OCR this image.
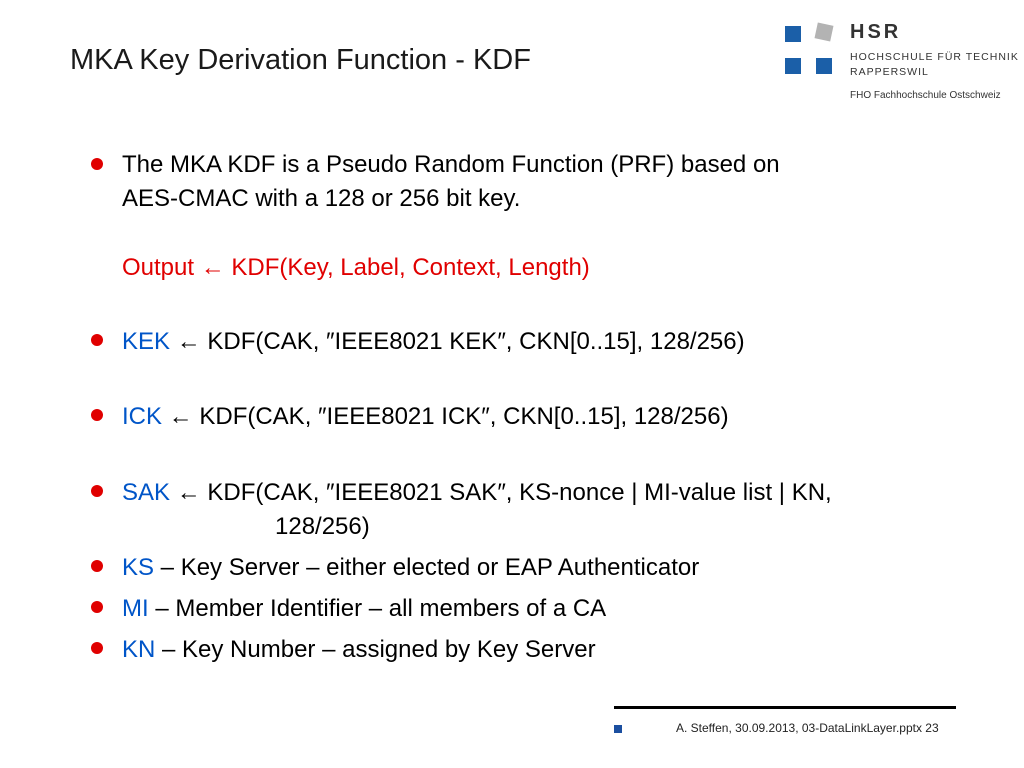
MKA Key Derivation Function - KDF
HSR
HOCHSCHULE FÜR TECHNIK
RAPPERSWIL
FHO Fachhochschule Ostschweiz
The MKA KDF is a Pseudo Random Function (PRF) based on
AES-CMAC with a 128 or 256 bit key.
Output ← KDF(Key, Label, Context, Length)
KEK ← KDF(CAK, ″IEEE8021 KEK″, CKN[0..15], 128/256)
ICK ← KDF(CAK, ″IEEE8021 ICK″, CKN[0..15], 128/256)
SAK ← KDF(CAK, ″IEEE8021 SAK″, KS-nonce | MI-value list | KN,
128/256)
KS – Key Server – either elected or EAP Authenticator
MI – Member Identifier – all members of a CA
KN – Key Number – assigned by Key Server
A. Steffen, 30.09.2013, 03-DataLinkLayer.pptx 23
